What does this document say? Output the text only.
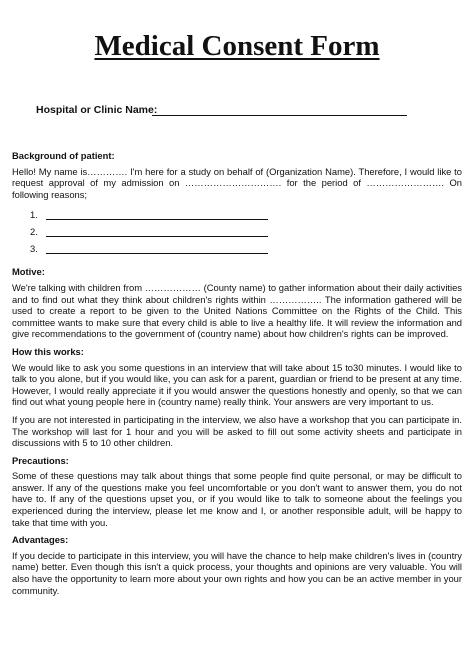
Medical Consent Form
Hospital or Clinic Name:

Background of patient:

Hello! My name is…………. I'm here for a study on behalf of (Organization Name). Therefore, I would like to request approval of my admission on …………………………. for the period of ……………………. On following reasons;

1.
2.
3.

Motive:

We're talking with children from ……………… (County name) to gather information about their daily activities and to find out what they think about children's rights within …………….. The information gathered will be used to create a report to be given to the United Nations Committee on the Rights of the Child. This committee wants to make sure that every child is able to live a healthy life. It will review the information and give recommendations to the government of (country name) about how children's rights can be improved.

How this works:

We would like to ask you some questions in an interview that will take about 15 to30 minutes. I would like to talk to you alone, but if you would like, you can ask for a parent, guardian or friend to be present at any time. However, I would really appreciate it if you would answer the questions honestly and openly, so that we can find out what young people here in (country name) really think. Your answers are very important to us.

If you are not interested in participating in the interview, we also have a workshop that you can participate in. The workshop will last for 1 hour and you will be asked to fill out some activity sheets and participate in discussions with 5 to 10 other children.

Precautions:

Some of these questions may talk about things that some people find quite personal, or may be difficult to answer. If any of the questions make you feel uncomfortable or you don't want to answer them, you do not have to. If any of the questions upset you, or if you would like to talk to someone about the feelings you experienced during the interview, please let me know and I, or another responsible adult, will be happy to take that time with you.

Advantages:

If you decide to participate in this interview, you will have the chance to help make children's lives in (country name) better. Even though this isn't a quick process, your thoughts and opinions are very valuable. You will also have the opportunity to learn more about your own rights and how you can be an active member in your community.
